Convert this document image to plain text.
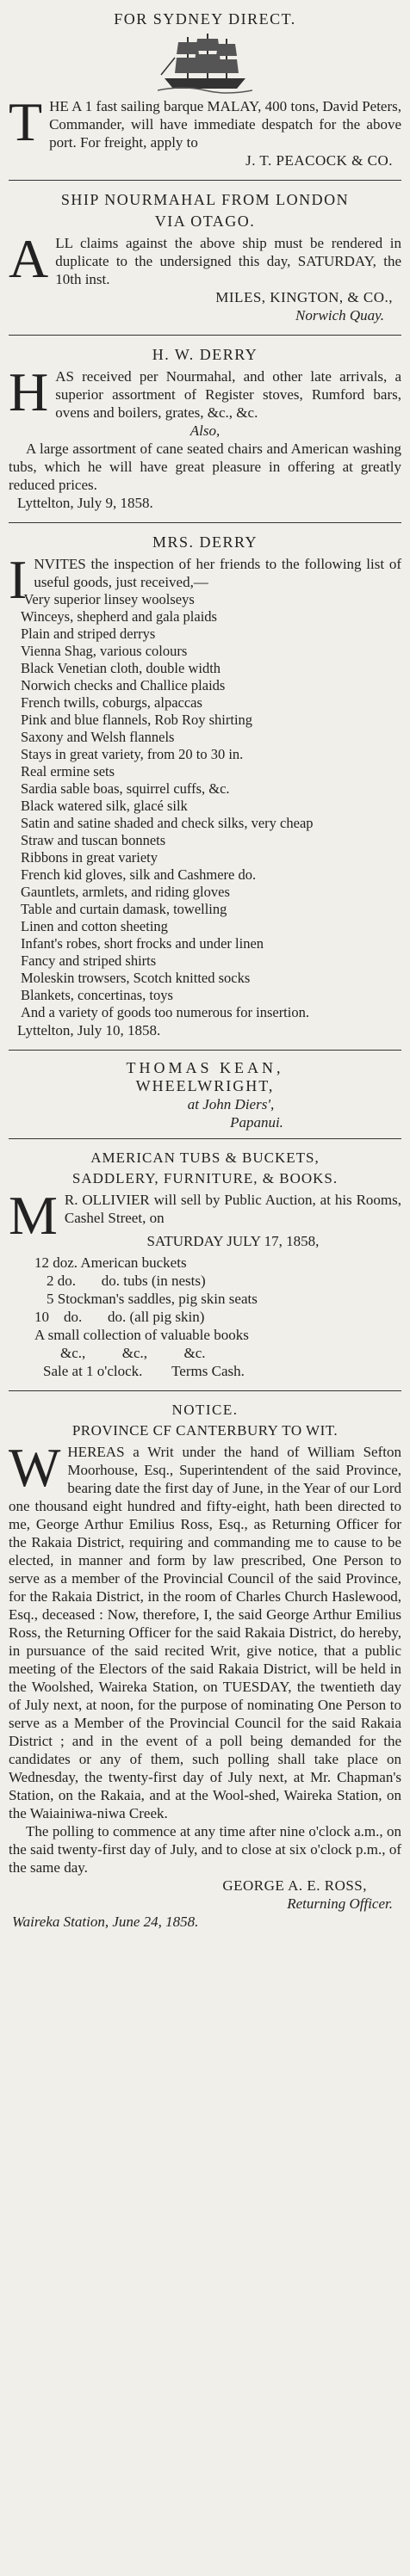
FOR SYDNEY DIRECT.

THE A 1 fast sailing barque MALAY, 400 tons, David Peters, Commander, will have immediate despatch for the above port. For freight, apply to

J. T. PEACOCK & CO.
SHIP NOURMAHAL FROM LONDON
VIA OTAGO.

ALL claims against the above ship must be rendered in duplicate to the undersigned this day, SATURDAY, the 10th inst.

MILES, KINGTON, & CO.,
Norwich Quay.
H. W. DERRY

HAS received per Nourmahal, and other late arrivals, a superior assortment of Register stoves, Rumford bars, ovens and boilers, grates, &c., &c.

Also,

A large assortment of cane seated chairs and American washing tubs, which he will have great pleasure in offering at greatly reduced prices.

Lyttelton, July 9, 1858.
MRS. DERRY

INVITES the inspection of her friends to the following list of useful goods, just received,—

Very superior linsey woolseys
Winceys, shepherd and gala plaids
Plain and striped derrys
Vienna Shag, various colours
Black Venetian cloth, double width
Norwich checks and Challice plaids
French twills, coburgs, alpaccas
Pink and blue flannels, Rob Roy shirting
Saxony and Welsh flannels
Stays in great variety, from 20 to 30 in.
Real ermine sets
Sardia sable boas, squirrel cuffs, &c.
Black watered silk, glacé silk
Satin and satine shaded and check silks, very cheap
Straw and tuscan bonnets
Ribbons in great variety
French kid gloves, silk and Cashmere do.
Gauntlets, armlets, and riding gloves
Table and curtain damask, towelling
Linen and cotton sheeting
Infant's robes, short frocks and under linen
Fancy and striped shirts
Moleskin trowsers, Scotch knitted socks
Blankets, concertinas, toys
And a variety of goods too numerous for insertion.
Lyttelton, July 10, 1858.

THOMAS KEAN,

WHEELWRIGHT,

at John Diers',
Papanui.
AMERICAN TUBS & BUCKETS,
SADDLERY, FURNITURE, & BOOKS.

M R. OLLIVIER will sell by Public Auction, at his Rooms, Cashel Street, on

SATURDAY JULY 17, 1858,
12 doz. American buckets
2 do.       do. tubs (in nests)
5 Stockman's saddles, pig skin seats
10    do.       do. (all pig skin)
A small collection of valuable books
&c.,          &c.,          &c.
Sale at 1 o'clock.        Terms Cash.
NOTICE.
PROVINCE CF CANTERBURY TO WIT.

WHEREAS a Writ under the hand of William Sefton Moorhouse, Esq., Superintendent of the said Province, bearing date the first day of June, in the Year of our Lord one thousand eight hundred and fifty-eight, hath been directed to me, George Arthur Emilius Ross, Esq., as Returning Officer for the Rakaia District, requiring and commanding me to cause to be elected, in manner and form by law prescribed, One Person to serve as a member of the Provincial Council of the said Province, for the Rakaia District, in the room of Charles Church Haslewood, Esq., deceased : Now, therefore, I, the said George Arthur Emilius Ross, the Returning Officer for the said Rakaia District, do hereby, in pursuance of the said recited Writ, give notice, that a public meeting of the Electors of the said Rakaia District, will be held in the Woolshed, Waireka Station, on TUESDAY, the twentieth day of July next, at noon, for the purpose of nominating One Person to serve as a Member of the Provincial Council for the said Rakaia District ; and in the event of a poll being demanded for the candidates or any of them, such polling shall take place on Wednesday, the twenty-first day of July next, at Mr. Chapman's Station, on the Rakaia, and at the Wool-shed, Waireka Station, on the Waiainiwa-niwa Creek.

The polling to commence at any time after nine o'clock a.m., on the said twenty-first day of July, and to close at six o'clock p.m., of the same day.

GEORGE A. E. ROSS,
Returning Officer.
Waireka Station, June 24, 1858.
